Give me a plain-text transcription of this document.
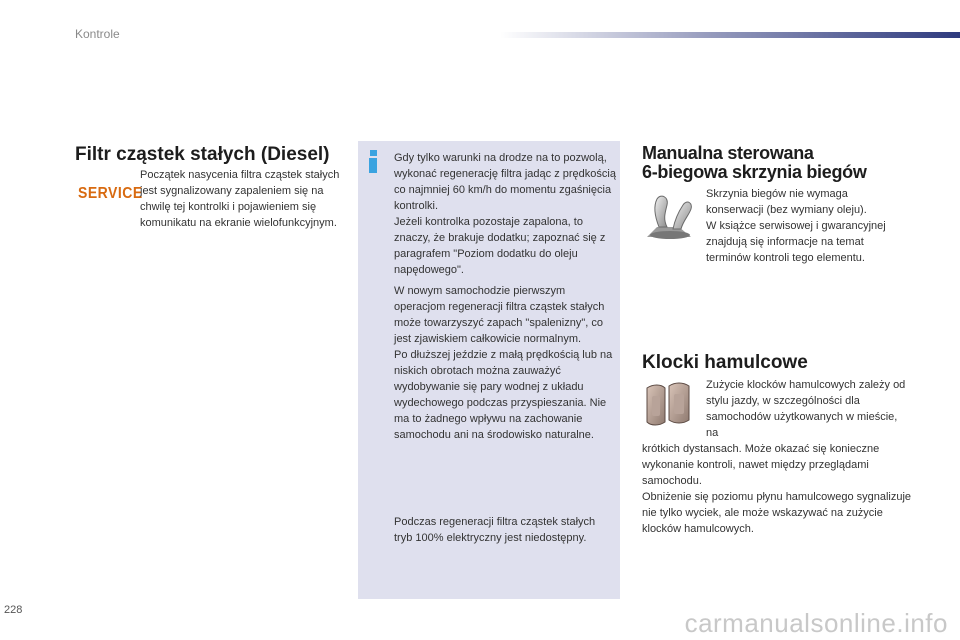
Kontrole
Filtr cząstek stałych (Diesel)
SERVICE

Początek nasycenia filtra cząstek stałych jest sygnalizowany zapaleniem się na chwilę tej kontrolki i pojawieniem się komunikatu na ekranie wielofunkcyjnym.

Gdy tylko warunki na drodze na to pozwolą, wykonać regenerację filtra jadąc z prędkością co najmniej 60 km/h do momentu zgaśnięcia kontrolki.
Jeżeli kontrolka pozostaje zapalona, to znaczy, że brakuje dodatku; zapoznać się z paragrafem "Poziom dodatku do oleju napędowego".

W nowym samochodzie pierwszym operacjom regeneracji filtra cząstek stałych może towarzyszyć zapach "spalenizny", co jest zjawiskiem całkowicie normalnym.
Po dłuższej jeździe z małą prędkością lub na niskich obrotach można zauważyć wydobywanie się pary wodnej z układu wydechowego podczas przyspieszania. Nie ma to żadnego wpływu na zachowanie samochodu ani na środowisko naturalne.

Podczas regeneracji filtra cząstek stałych tryb 100% elektryczny jest niedostępny.

Manualna sterowana
6-biegowa skrzynia biegów

Skrzynia biegów nie wymaga konserwacji (bez wymiany oleju).
W książce serwisowej i gwarancyjnej znajdują się informacje na temat terminów kontroli tego elementu.

Klocki hamulcowe

Zużycie klocków hamulcowych zależy od stylu jazdy, w szczególności dla samochodów użytkowanych w mieście, na

krótkich dystansach. Może okazać się konieczne wykonanie kontroli, nawet między przeglądami samochodu.
Obniżenie się poziomu płynu hamulcowego sygnalizuje nie tylko wyciek, ale może wskazywać na zużycie klocków hamulcowych.

228	carmanualsonline.info
